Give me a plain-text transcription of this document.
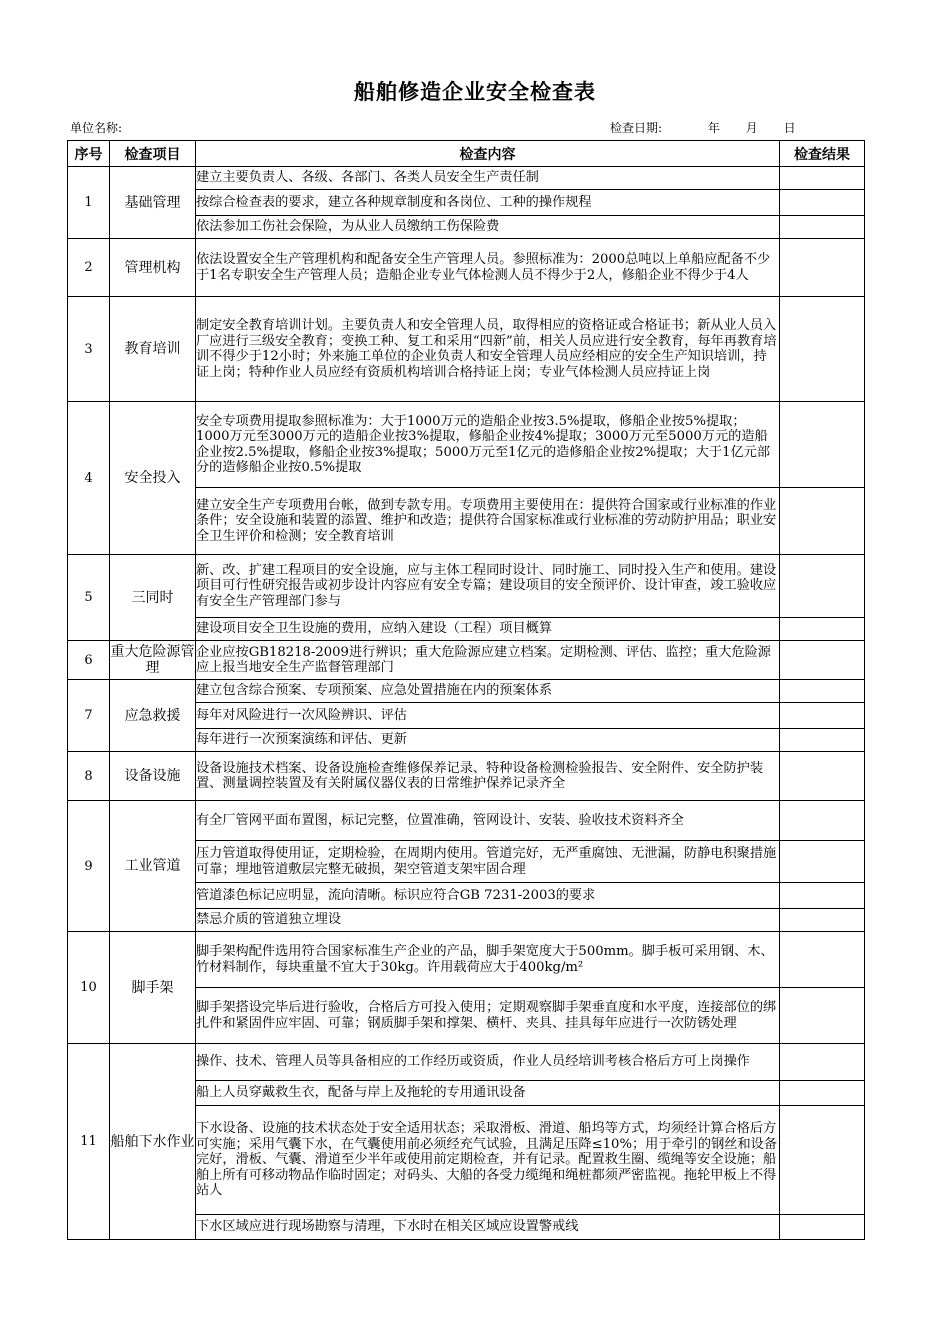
船舶修造企业安全检查表
单位名称:	检查日期:	年 月 日
序号	检查项目	检查内容	检查结果
1	基础管理	建立主要负责人、各级、各部门、各类人员安全生产责任制	

		按综合检查表的要求，建立各种规章制度和各岗位、工种的操作规程	

		依法参加工伤社会保险，为从业人员缴纳工伤保险费	

2	管理机构	依法设置安全生产管理机构和配备安全生产管理人员。参照标准为：2000总吨以上单船应配备不少于1名专职安全生产管理人员；造船企业专业气体检测人员不得少于2人，修船企业不得少于4人	

3	教育培训	制定安全教育培训计划。主要负责人和安全管理人员，取得相应的资格证或合格证书；新从业人员入厂应进行三级安全教育；变换工种、复工和采用“四新”前，相关人员应进行安全教育，每年再教育培训不得少于12小时；外来施工单位的企业负责人和安全管理人员应经相应的安全生产知识培训，持证上岗；特种作业人员应经有资质机构培训合格持证上岗；专业气体检测人员应持证上岗	

4	安全投入	安全专项费用提取参照标准为：大于1000万元的造船企业按3.5%提取，修船企业按5%提取；1000万元至3000万元的造船企业按3%提取，修船企业按4%提取；3000万元至5000万元的造船企业按2.5%提取，修船企业按3%提取；5000万元至1亿元的造修船企业按2%提取；大于1亿元部分的造修船企业按0.5%提取	

		建立安全生产专项费用台帐，做到专款专用。专项费用主要使用在：提供符合国家或行业标准的作业条件；安全设施和装置的添置、维护和改造；提供符合国家标准或行业标准的劳动防护用品；职业安全卫生评价和检测；安全教育培训	

5	三同时	新、改、扩建工程项目的安全设施，应与主体工程同时设计、同时施工、同时投入生产和使用。建设项目可行性研究报告或初步设计内容应有安全专篇；建设项目的安全预评价、设计审查，竣工验收应有安全生产管理部门参与	

		建设项目安全卫生设施的费用，应纳入建设（工程）项目概算	

6	重大危险源管理	企业应按GB18218-2009进行辨识；重大危险源应建立档案。定期检测、评估、监控；重大危险源应上报当地安全生产监督管理部门	

7	应急救援	建立包含综合预案、专项预案、应急处置措施在内的预案体系	

		每年对风险进行一次风险辨识、评估	

		每年进行一次预案演练和评估、更新	

8	设备设施	设备设施技术档案、设备设施检查维修保养记录、特种设备检测检验报告、安全附件、安全防护装置、测量调控装置及有关附属仪器仪表的日常维护保养记录齐全	

9	工业管道	有全厂管网平面布置图，标记完整，位置准确，管网设计、安装、验收技术资料齐全	

		压力管道取得使用证，定期检验，在周期内使用。管道完好，无严重腐蚀、无泄漏，防静电积聚措施可靠；埋地管道敷层完整无破损，架空管道支架牢固合理	

		管道漆色标记应明显，流向清晰。标识应符合GB 7231-2003的要求	

		禁忌介质的管道独立埋设	

10	脚手架	脚手架构配件选用符合国家标准生产企业的产品，脚手架宽度大于500mm。脚手板可采用钢、木、竹材料制作，每块重量不宜大于30kg。许用载荷应大于400kg/m²	

		脚手架搭设完毕后进行验收，合格后方可投入使用；定期观察脚手架垂直度和水平度，连接部位的绑扎件和紧固件应牢固、可靠；钢质脚手架和撑架、横杆、夹具、挂具每年应进行一次防锈处理	

11	船舶下水作业	操作、技术、管理人员等具备相应的工作经历或资质，作业人员经培训考核合格后方可上岗操作	

		船上人员穿戴救生衣，配备与岸上及拖轮的专用通讯设备	

		下水设备、设施的技术状态处于安全适用状态；采取滑板、滑道、船坞等方式，均须经计算合格后方可实施；采用气囊下水，在气囊使用前必须经充气试验，且满足压降≤10%；用于牵引的钢丝和设备完好，滑板、气囊、滑道至少半年或使用前定期检查，并有记录。配置救生圈、缆绳等安全设施；船舶上所有可移动物品作临时固定；对码头、大船的各受力缆绳和绳桩都须严密监视。拖轮甲板上不得站人	

		下水区域应进行现场勘察与清理，下水时在相关区域应设置警戒线	
